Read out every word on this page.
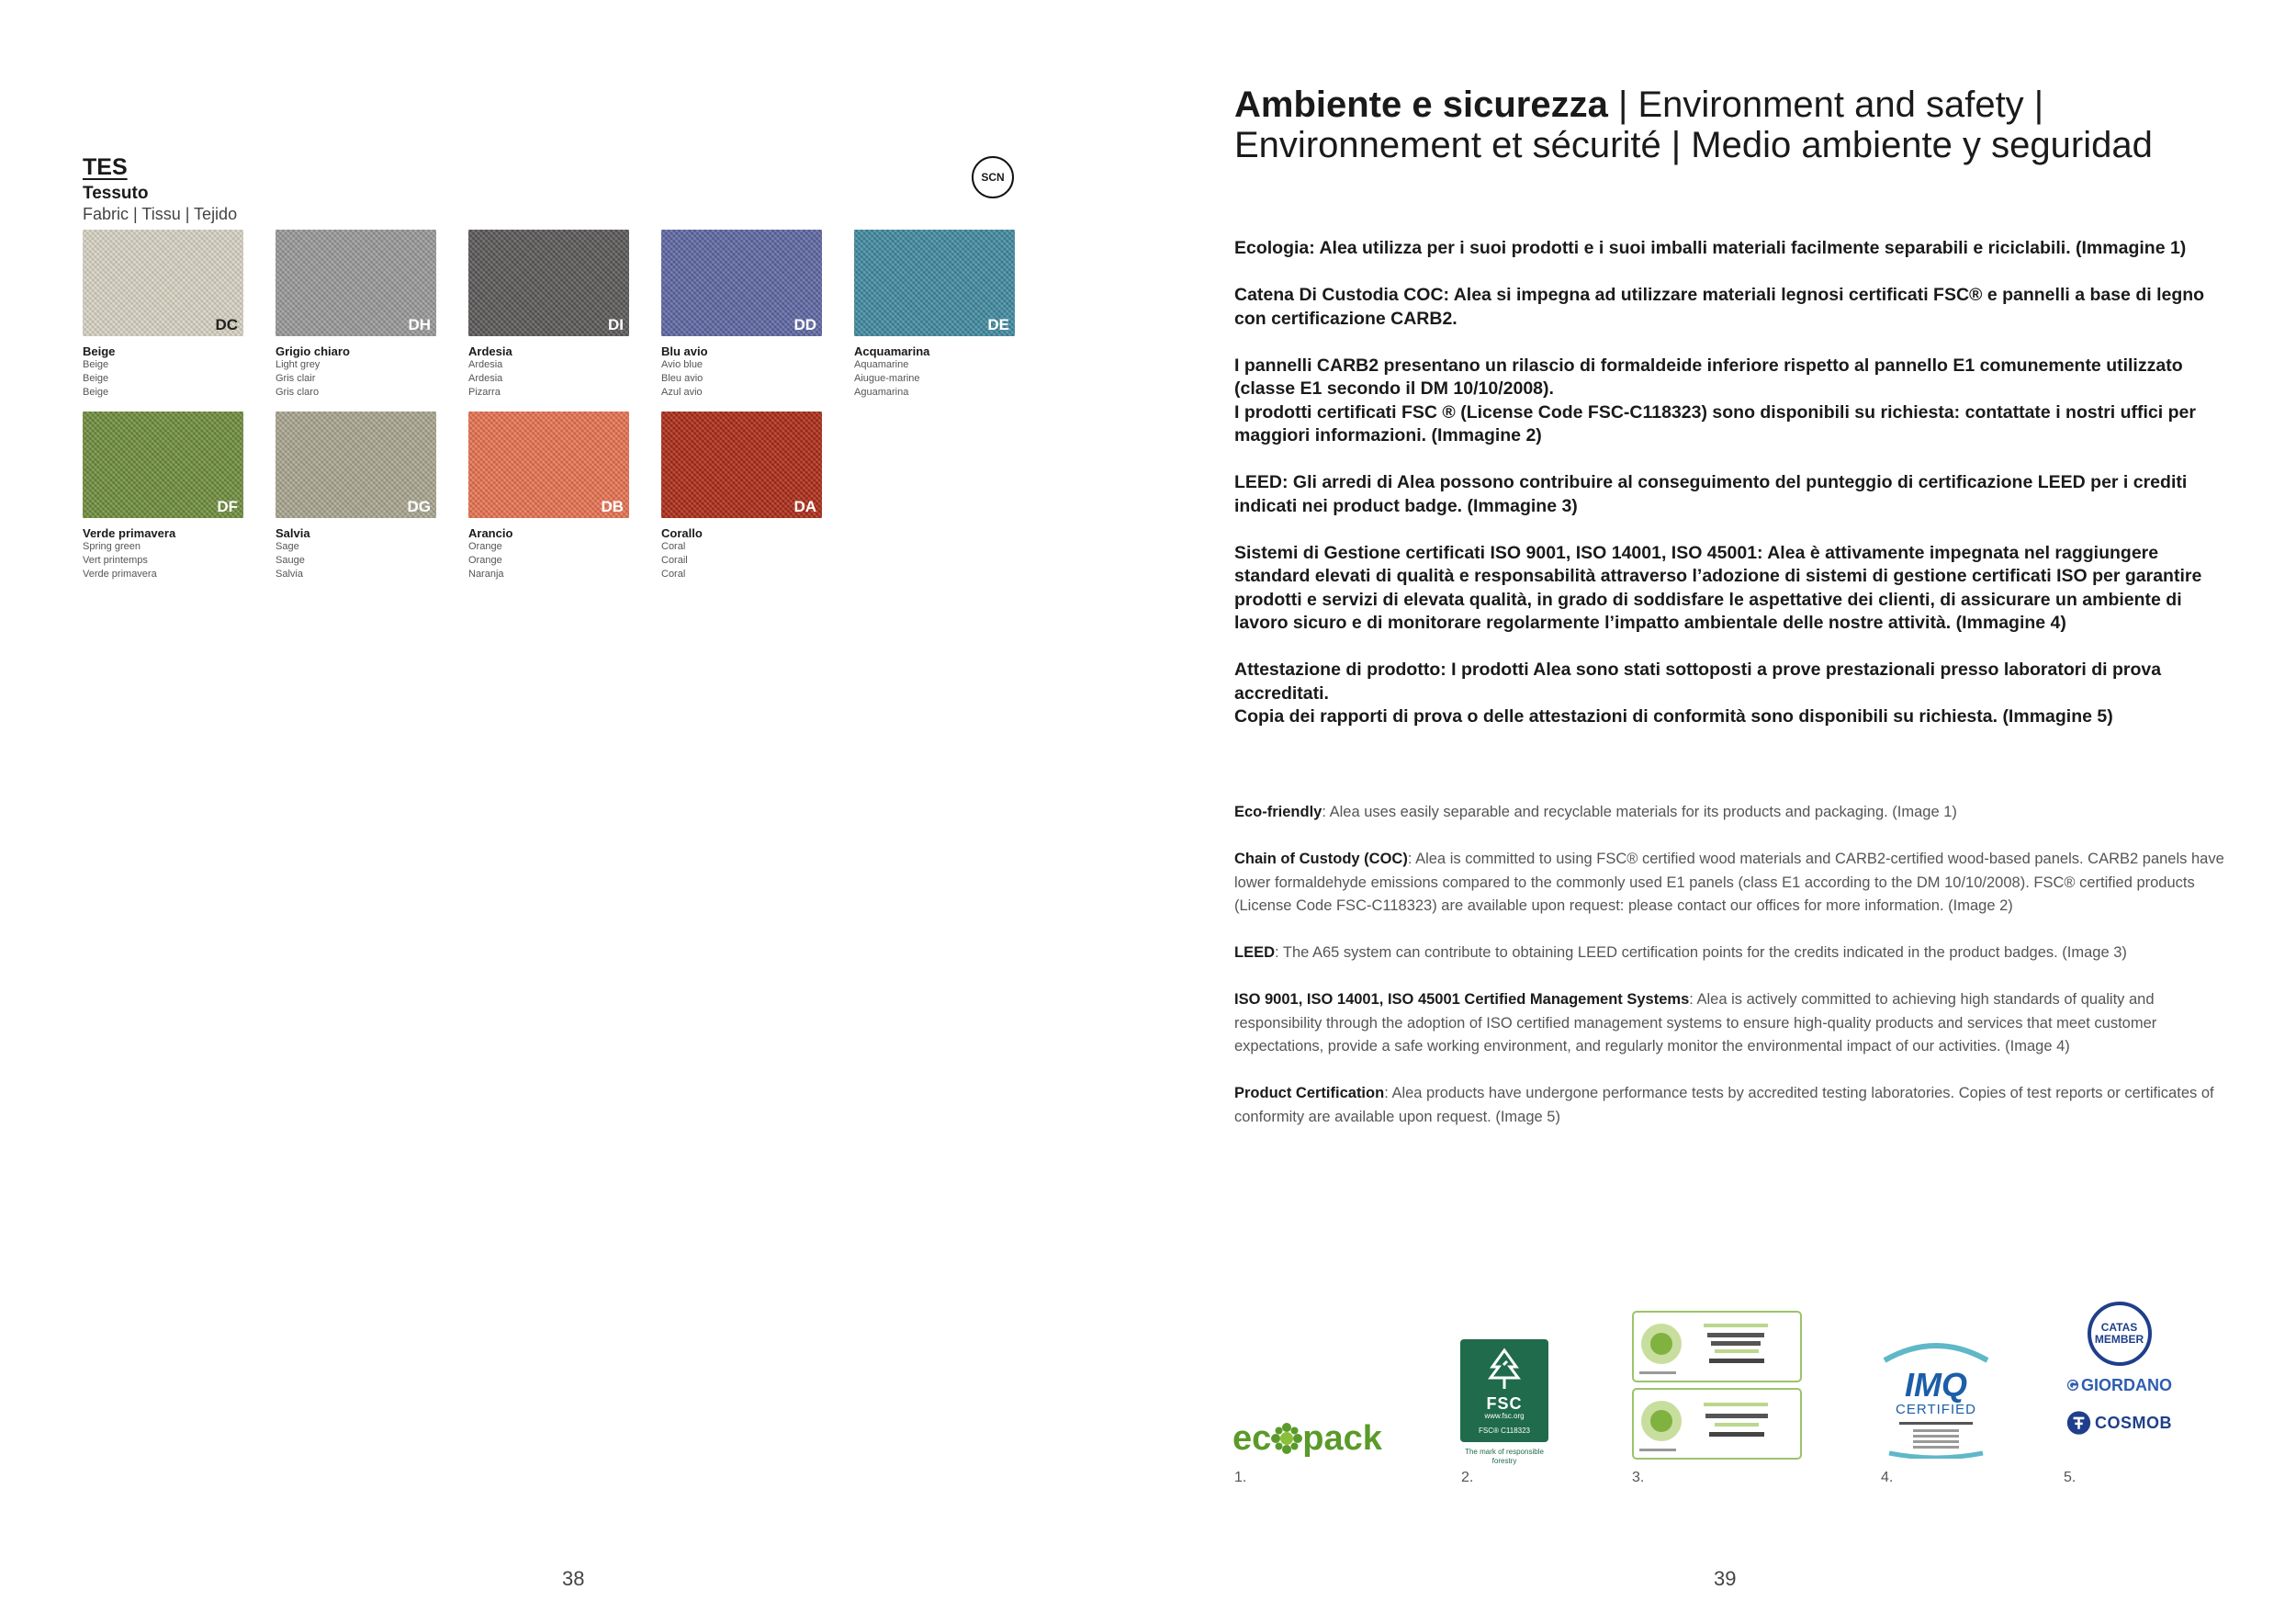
TES
Tessuto
Fabric | Tissu | Tejido
SCN
DC
Beige
Beige
Beige
Beige
DH
Grigio chiaro
Light grey
Gris clair
Gris claro
DI
Ardesia
Ardesia
Ardesia
Pizarra
DD
Blu avio
Avio blue
Bleu avio
Azul avio
DE
Acquamarina
Aquamarine
Aiugue-marine
Aguamarina
DF
Verde primavera
Spring green
Vert printemps
Verde primavera
DG
Salvia
Sage
Sauge
Salvia
DB
Arancio
Orange
Orange
Naranja
DA
Corallo
Coral
Corail
Coral
38
Ambiente e sicurezza | Environment and safety | Environnement et sécurité | Medio ambiente y seguridad

Ecologia: Alea utilizza per i suoi prodotti e i suoi imballi materiali facilmente separabili e riciclabili. (Immagine 1)

Catena Di Custodia COC: Alea si impegna ad utilizzare materiali legnosi certificati FSC® e pannelli a base di legno con certificazione CARB2.

I pannelli CARB2 presentano un rilascio di formaldeide inferiore rispetto al pannello E1 comunemente utilizzato (classe E1 secondo il DM 10/10/2008).
I prodotti certificati FSC ® (License Code FSC-C118323) sono disponibili su richiesta: contattate i nostri uffici per maggiori informazioni. (Immagine 2)

LEED: Gli arredi di Alea possono contribuire al conseguimento del punteggio di certificazione LEED per i crediti indicati nei product badge. (Immagine 3)

Sistemi di Gestione certificati ISO 9001, ISO 14001, ISO 45001: Alea è attivamente impegnata nel raggiungere standard elevati di qualità e responsabilità attraverso l’adozione di sistemi di gestione certificati ISO per garantire prodotti e servizi di elevata qualità, in grado di soddisfare le aspettative dei clienti, di assicurare un ambiente di lavoro sicuro e di monitorare regolarmente l’impatto ambientale delle nostre attività. (Immagine 4)

Attestazione di prodotto: I prodotti Alea sono stati sottoposti a prove prestazionali presso laboratori di prova accreditati.
Copia dei rapporti di prova o delle attestazioni di conformità sono disponibili su richiesta. (Immagine 5)

Eco-friendly: Alea uses easily separable and recyclable materials for its products and packaging. (Image 1)

Chain of Custody (COC): Alea is committed to using FSC® certified wood materials and CARB2-certified wood-based panels. CARB2 panels have lower formaldehyde emissions compared to the commonly used E1 panels (class E1 according to the DM 10/10/2008). FSC® certified products (License Code FSC-C118323) are available upon request: please contact our offices for more information. (Image 2)

LEED: The A65 system can contribute to obtaining LEED certification points for the credits indicated in the product badges. (Image 3)

ISO 9001, ISO 14001, ISO 45001 Certified Management Systems: Alea is actively committed to achieving high standards of quality and responsibility through the adoption of ISO certified management systems to ensure high-quality products and services that meet customer expectations, provide a safe working environment, and regularly monitor the environmental impact of our activities. (Image 4)

Product Certification: Alea products have undergone performance tests by accredited testing laboratories. Copies of test reports or certificates of conformity are available upon request. (Image 5)

ec pack
FSC
www.fsc.org
FSC® C118323
The mark of responsible forestry
IMQ
CERTIFIED
CATAS MEMBER
GIORDANO
COSMOB
1.	2.	3.	4.	5.
39
